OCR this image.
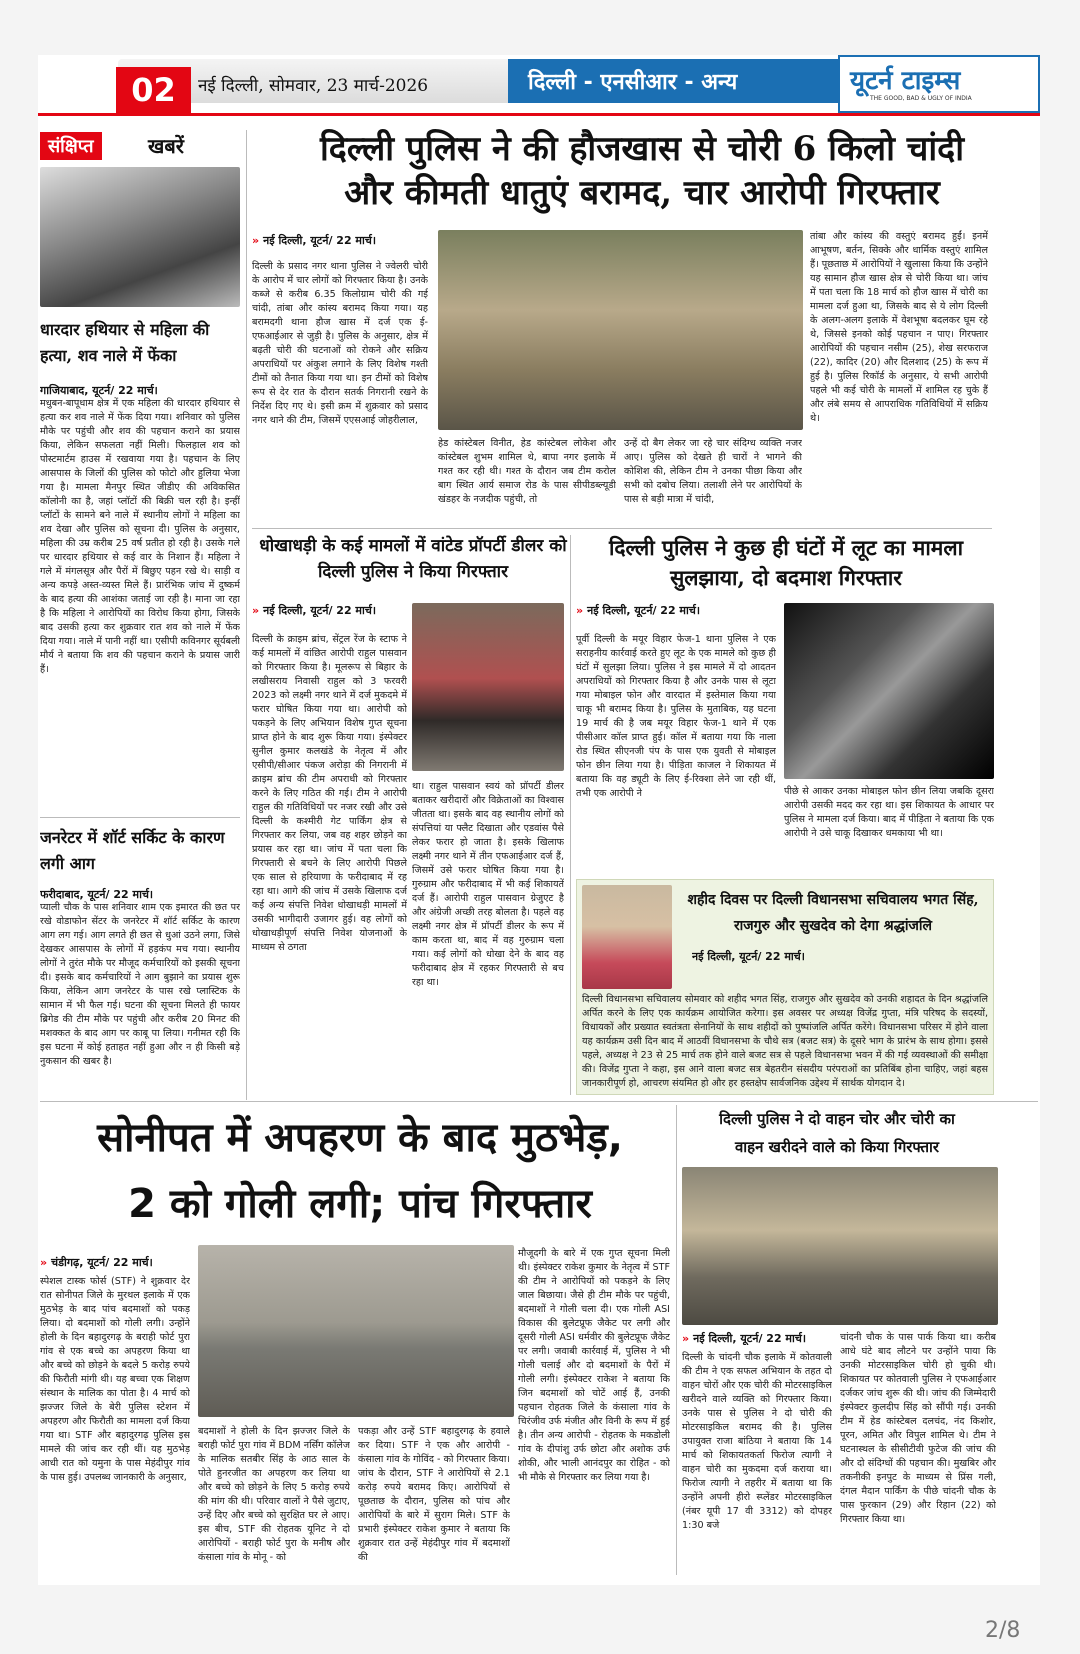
02	नई दिल्ली, सोमवार, 23 मार्च-2026	दिल्ली - एनसीआर - अन्य	यूटर्न टाइम्स
THE GOOD, BAD & UGLY OF INDIA
संक्षिप्त	खबरें
धारदार हथियार से महिला की हत्या, शव नाले में फेंका
गाजियाबाद, यूटर्न/ 22 मार्च।
मधुबन-बापूधाम क्षेत्र में एक महिला की धारदार हथियार से हत्या कर शव नाले में फेंक दिया गया। शनिवार को पुलिस मौके पर पहुंची और शव की पहचान कराने का प्रयास किया, लेकिन सफलता नहीं मिली। फिलहाल शव को पोस्टमार्टम हाउस में रखवाया गया है। पहचान के लिए आसपास के जिलों की पुलिस को फोटो और हुलिया भेजा गया है। मामला मैनपुर स्थित जीडीए की अविकसित कॉलोनी का है, जहां प्लॉटों की बिक्री चल रही है। इन्हीं प्लॉटों के सामने बने नाले में स्थानीय लोगों ने महिला का शव देखा और पुलिस को सूचना दी। पुलिस के अनुसार, महिला की उम्र करीब 25 वर्ष प्रतीत हो रही है। उसके गले पर धारदार हथियार से कई वार के निशान हैं। महिला ने गले में मंगलसूत्र और पैरों में बिछुए पहन रखे थे। साड़ी व अन्य कपड़े अस्त-व्यस्त मिले हैं। प्रारंभिक जांच में दुष्कर्म के बाद हत्या की आशंका जताई जा रही है। माना जा रहा है कि महिला ने आरोपियों का विरोध किया होगा, जिसके बाद उसकी हत्या कर शुक्रवार रात शव को नाले में फेंक दिया गया। नाले में पानी नहीं था। एसीपी कविनगर सूर्यबली मौर्य ने बताया कि शव की पहचान कराने के प्रयास जारी हैं।
जनरेटर में शॉर्ट सर्किट के कारण लगी आग
फरीदाबाद, यूटर्न/ 22 मार्च।
प्याली चौक के पास शनिवार शाम एक इमारत की छत पर रखे वोडाफोन सेंटर के जनरेटर में शॉर्ट सर्किट के कारण आग लग गई। आग लगते ही छत से धुआं उठने लगा, जिसे देखकर आसपास के लोगों में हड़कंप मच गया। स्थानीय लोगों ने तुरंत मौके पर मौजूद कर्मचारियों को इसकी सूचना दी। इसके बाद कर्मचारियों ने आग बुझाने का प्रयास शुरू किया, लेकिन आग जनरेटर के पास रखे प्लास्टिक के सामान में भी फैल गई। घटना की सूचना मिलते ही फायर ब्रिगेड की टीम मौके पर पहुंची और करीब 20 मिनट की मशक्कत के बाद आग पर काबू पा लिया। गनीमत रही कि इस घटना में कोई हताहत नहीं हुआ और न ही किसी बड़े नुकसान की खबर है।
दिल्ली पुलिस ने की हौजखास से चोरी 6 किलो चांदी
और कीमती धातुएं बरामद, चार आरोपी गिरफ्तार
» नई दिल्ली, यूटर्न/ 22 मार्च।
दिल्ली के प्रसाद नगर थाना पुलिस ने ज्वेलरी चोरी के आरोप में चार लोगों को गिरफ्तार किया है। उनके कब्जे से करीब 6.35 किलोग्राम चोरी की गई चांदी, तांबा और कांस्य बरामद किया गया। यह बरामदगी थाना हौज खास में दर्ज एक ई-एफआईआर से जुड़ी है। पुलिस के अनुसार, क्षेत्र में बढ़ती चोरी की घटनाओं को रोकने और सक्रिय अपराधियों पर अंकुश लगाने के लिए विशेष गश्ती टीमों को तैनात किया गया था। इन टीमों को विशेष रूप से देर रात के दौरान सतर्क निगरानी रखने के निर्देश दिए गए थे। इसी क्रम में शुक्रवार को प्रसाद नगर थाने की टीम, जिसमें एएसआई जोहरीलाल,
हेड कांस्टेबल विनीत, हेड कांस्टेबल लोकेश और कांस्टेबल शुभम शामिल थे, बापा नगर इलाके में गश्त कर रही थी। गश्त के दौरान जब टीम करोल बाग स्थित आर्य समाज रोड के पास सीपीडब्ल्यूडी खंडहर के नजदीक पहुंची, तो
उन्हें दो बैग लेकर जा रहे चार संदिग्ध व्यक्ति नजर आए। पुलिस को देखते ही चारों ने भागने की कोशिश की, लेकिन टीम ने उनका पीछा किया और सभी को दबोच लिया। तलाशी लेने पर आरोपियों के पास से बड़ी मात्रा में चांदी,
तांबा और कांस्य की वस्तुएं बरामद हुईं। इनमें आभूषण, बर्तन, सिक्के और धार्मिक वस्तुएं शामिल हैं। पूछताछ में आरोपियों ने खुलासा किया कि उन्होंने यह सामान हौज खास क्षेत्र से चोरी किया था। जांच में पता चला कि 18 मार्च को हौज खास में चोरी का मामला दर्ज हुआ था, जिसके बाद से ये लोग दिल्ली के अलग-अलग इलाके में वेशभूषा बदलकर घूम रहे थे, जिससे इनको कोई पहचान न पाए। गिरफ्तार आरोपियों की पहचान नसीम (25), शेख सरफराज (22), कादिर (20) और दिलशाद (25) के रूप में हुई है। पुलिस रिकॉर्ड के अनुसार, ये सभी आरोपी पहले भी कई चोरी के मामलों में शामिल रह चुके हैं और लंबे समय से आपराधिक गतिविधियों में सक्रिय थे।
धोखाधड़ी के कई मामलों में वांटेड प्रॉपर्टी डीलर को दिल्ली पुलिस ने किया गिरफ्तार
» नई दिल्ली, यूटर्न/ 22 मार्च।
दिल्ली के क्राइम ब्रांच, सेंट्रल रेंज के स्टाफ ने कई मामलों में वांछित आरोपी राहुल पासवान को गिरफ्तार किया है। मूलरूप से बिहार के लखीसराय निवासी राहुल को 3 फरवरी 2023 को लक्ष्मी नगर थाने में दर्ज मुकदमे में फरार घोषित किया गया था। आरोपी को पकड़ने के लिए अभियान विशेष गुप्त सूचना प्राप्त होने के बाद शुरू किया गया। इंस्पेक्टर सुनील कुमार कलखंडे के नेतृत्व में और एसीपी/सीआर पंकज अरोड़ा की निगरानी में क्राइम ब्रांच की टीम अपराधी को गिरफ्तार करने के लिए गठित की गई। टीम ने आरोपी राहुल की गतिविधियों पर नजर रखी और उसे दिल्ली के कश्मीरी गेट पार्किंग क्षेत्र से गिरफ्तार कर लिया, जब वह शहर छोड़ने का प्रयास कर रहा था। जांच में पता चला कि गिरफ्तारी से बचने के लिए आरोपी पिछले एक साल से हरियाणा के फरीदाबाद में रह रहा था। आगे की जांच में उसके खिलाफ दर्ज कई अन्य संपत्ति निवेश धोखाधड़ी मामलों में उसकी भागीदारी उजागर हुई। वह लोगों को धोखाधड़ीपूर्ण संपत्ति निवेश योजनाओं के माध्यम से ठगता
था। राहुल पासवान स्वयं को प्रॉपर्टी डीलर बताकर खरीदारों और विक्रेताओं का विश्वास जीतता था। इसके बाद वह स्थानीय लोगों को संपत्तियां या फ्लैट दिखाता और एडवांस पैसे लेकर फरार हो जाता है। इसके खिलाफ लक्ष्मी नगर थाने में तीन एफआईआर दर्ज हैं, जिसमें उसे फरार घोषित किया गया है। गुरुग्राम और फरीदाबाद में भी कई शिकायतें दर्ज हैं। आरोपी राहुल पासवान ग्रेजुएट है और अंग्रेजी अच्छी तरह बोलता है। पहले वह लक्ष्मी नगर क्षेत्र में प्रॉपर्टी डीलर के रूप में काम करता था, बाद में वह गुरुग्राम चला गया। कई लोगों को धोखा देने के बाद वह फरीदाबाद क्षेत्र में रहकर गिरफ्तारी से बच रहा था।
दिल्ली पुलिस ने कुछ ही घंटों में लूट का मामला
सुलझाया, दो बदमाश गिरफ्तार
» नई दिल्ली, यूटर्न/ 22 मार्च।
पूर्वी दिल्ली के मयूर विहार फेज-1 थाना पुलिस ने एक सराहनीय कार्रवाई करते हुए लूट के एक मामले को कुछ ही घंटों में सुलझा लिया। पुलिस ने इस मामले में दो आदतन अपराधियों को गिरफ्तार किया है और उनके पास से लूटा गया मोबाइल फोन और वारदात में इस्तेमाल किया गया चाकू भी बरामद किया है। पुलिस के मुताबिक, यह घटना 19 मार्च की है जब मयूर विहार फेज-1 थाने में एक पीसीआर कॉल प्राप्त हुई। कॉल में बताया गया कि नाला रोड स्थित सीएनजी पंप के पास एक युवती से मोबाइल फोन छीन लिया गया है। पीड़िता काजल ने शिकायत में बताया कि वह ड्यूटी के लिए ई-रिक्शा लेने जा रही थीं, तभी एक आरोपी ने	पीछे से आकर उनका मोबाइल फोन छीन लिया जबकि दूसरा आरोपी उसकी मदद कर रहा था। इस शिकायत के आधार पर पुलिस ने मामला दर्ज किया। बाद में पीड़िता ने बताया कि एक आरोपी ने उसे चाकू दिखाकर धमकाया भी था।
शहीद दिवस पर दिल्ली विधानसभा सचिवालय भगत सिंह,
राजगुरु और सुखदेव को देगा श्रद्धांजलि
नई दिल्ली, यूटर्न/ 22 मार्च।
दिल्ली विधानसभा सचिवालय सोमवार को शहीद भगत सिंह, राजगुरु और सुखदेव को उनकी शहादत के दिन श्रद्धांजलि अर्पित करने के लिए एक कार्यक्रम आयोजित करेगा। इस अवसर पर अध्यक्ष विजेंद्र गुप्ता, मंत्रि परिषद के सदस्यों, विधायकों और प्रख्यात स्वतंत्रता सेनानियों के साथ शहीदों को पुष्पांजलि अर्पित करेंगे। विधानसभा परिसर में होने वाला यह कार्यक्रम उसी दिन बाद में आठवीं विधानसभा के चौथे सत्र (बजट सत्र) के दूसरे भाग के प्रारंभ के साथ होगा। इससे पहले, अध्यक्ष ने 23 से 25 मार्च तक होने वाले बजट सत्र से पहले विधानसभा भवन में की गई व्यवस्थाओं की समीक्षा की। विजेंद्र गुप्ता ने कहा, इस आने वाला बजट सत्र बेहतरीन संसदीय परंपराओं का प्रतिबिंब होना चाहिए, जहां बहस जानकारीपूर्ण हो, आचरण संयमित हो और हर हस्तक्षेप सार्वजनिक उद्देश्य में सार्थक योगदान दे।
सोनीपत में अपहरण के बाद मुठभेड़,
2 को गोली लगी; पांच गिरफ्तार
» चंडीगढ़, यूटर्न/ 22 मार्च।
स्पेशल टास्क फोर्स (STF) ने शुक्रवार देर रात सोनीपत जिले के मुरथल इलाके में एक मुठभेड़ के बाद पांच बदमाशों को पकड़ लिया। दो बदमाशों को गोली लगी। उन्होंने होली के दिन बहादुरगढ़ के बराही फोर्ट पुरा गांव से एक बच्चे का अपहरण किया था और बच्चे को छोड़ने के बदले 5 करोड़ रुपये की फिरौती मांगी थी। यह बच्चा एक शिक्षण संस्थान के मालिक का पोता है। 4 मार्च को झज्जर जिले के बेरी पुलिस स्टेशन में अपहरण और फिरौती का मामला दर्ज किया गया था। STF और बहादुरगढ़ पुलिस इस मामले की जांच कर रही थीं। यह मुठभेड़ आधी रात को यमुना के पास मेहंदीपुर गांव के पास हुई। उपलब्ध जानकारी के अनुसार,
बदमाशों ने होली के दिन झज्जर जिले के बराही फोर्ट पुरा गांव में BDM नर्सिंग कॉलेज के मालिक सतबीर सिंह के आठ साल के पोते हुनरजीत का अपहरण कर लिया था और बच्चे को छोड़ने के लिए 5 करोड़ रुपये की मांग की थी। परिवार वालों ने पैसे जुटाए, उन्हें दिए और बच्चे को सुरक्षित घर ले आए। इस बीच, STF की रोहतक यूनिट ने दो आरोपियों - बराही फोर्ट पुरा के मनीष और कंसाला गांव के मोनू - को
पकड़ा और उन्हें STF बहादुरगढ़ के हवाले कर दिया। STF ने एक और आरोपी - कंसाला गांव के गोविंद - को गिरफ्तार किया। जांच के दौरान, STF ने आरोपियों से 2.1 करोड़ रुपये बरामद किए। आरोपियों से पूछताछ के दौरान, पुलिस को पांच और आरोपियों के बारे में सुराग मिले। STF के प्रभारी इंस्पेक्टर राकेश कुमार ने बताया कि शुक्रवार रात उन्हें मेहंदीपुर गांव में बदमाशों की
मौजूदगी के बारे में एक गुप्त सूचना मिली थी। इंस्पेक्टर राकेश कुमार के नेतृत्व में STF की टीम ने आरोपियों को पकड़ने के लिए जाल बिछाया। जैसे ही टीम मौके पर पहुंची, बदमाशों ने गोली चला दी। एक गोली ASI विकास की बुलेटप्रूफ जैकेट पर लगी और दूसरी गोली ASI धर्मवीर की बुलेटप्रूफ जैकेट पर लगी। जवाबी कार्रवाई में, पुलिस ने भी गोली चलाई और दो बदमाशों के पैरों में गोली लगी। इंस्पेक्टर राकेश ने बताया कि जिन बदमाशों को चोटें आई हैं, उनकी पहचान रोहतक जिले के कंसाला गांव के चिरंजीव उर्फ मंजीत और विनी के रूप में हुई है। तीन अन्य आरोपी - रोहतक के मकडोली गांव के दीपांशु उर्फ छोटा और अशोक उर्फ शोकी, और भाली आनंदपुर का रोहित - को भी मौके से गिरफ्तार कर लिया गया है।
दिल्ली पुलिस ने दो वाहन चोर और चोरी का
वाहन खरीदने वाले को किया गिरफ्तार
» नई दिल्ली, यूटर्न/ 22 मार्च।
दिल्ली के चांदनी चौक इलाके में कोतवाली की टीम ने एक सफल अभियान के तहत दो वाहन चोरों और एक चोरी की मोटरसाइकिल खरीदने वाले व्यक्ति को गिरफ्तार किया। उनके पास से पुलिस ने दो चोरी की मोटरसाइकिल बरामद की है। पुलिस उपायुक्त राजा बांठिया ने बताया कि 14 मार्च को शिकायतकर्ता फिरोज त्यागी ने वाहन चोरी का मुकदमा दर्ज कराया था। फिरोज त्यागी ने तहरीर में बताया था कि उन्होंने अपनी हीरो स्प्लेंडर मोटरसाइकिल (नंबर यूपी 17 वी 3312) को दोपहर 1:30 बजे
चांदनी चौक के पास पार्क किया था। करीब आधे घंटे बाद लौटने पर उन्होंने पाया कि उनकी मोटरसाइकिल चोरी हो चुकी थी। शिकायत पर कोतवाली पुलिस ने एफआईआर दर्जकर जांच शुरू की थी। जांच की जिम्मेदारी इंस्पेक्टर कुलदीप सिंह को सौंपी गई। उनकी टीम में हेड कांस्टेबल दलचंद, नंद किशोर, पूरन, अमित और विपुल शामिल थे। टीम ने घटनास्थल के सीसीटीवी फुटेज की जांच की और दो संदिग्धों की पहचान की। मुखबिर और तकनीकी इनपुट के माध्यम से प्रिंस गली, दंगल मैदान पार्किंग के पीछे चांदनी चौक के पास फुरकान (29) और रिहान (22) को गिरफ्तार किया था।
2/8
